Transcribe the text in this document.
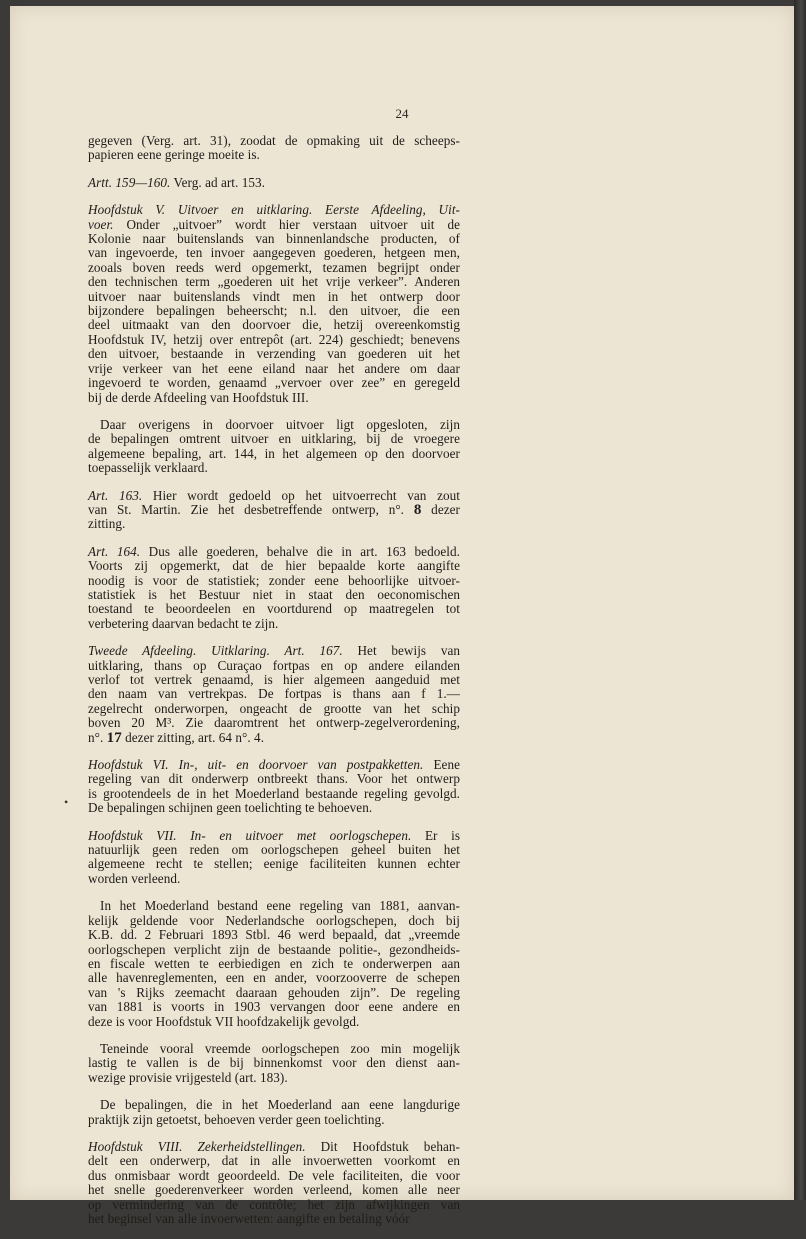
24
gegeven (Verg. art. 31), zoodat de opmaking uit de scheeps-
papieren eene geringe moeite is.
Artt. 159—160. Verg. ad art. 153.
Hoofdstuk V. Uitvoer en uitklaring. Eerste Afdeeling, Uit-
voer. Onder „uitvoer” wordt hier verstaan uitvoer uit de
Kolonie naar buitenslands van binnenlandsche producten, of
van ingevoerde, ten invoer aangegeven goederen, hetgeen men,
zooals boven reeds werd opgemerkt, tezamen begrijpt onder
den technischen term „goederen uit het vrije verkeer”. Anderen
uitvoer naar buitenslands vindt men in het ontwerp door
bijzondere bepalingen beheerscht; n.l. den uitvoer, die een
deel uitmaakt van den doorvoer die, hetzij overeenkomstig
Hoofdstuk IV, hetzij over entrepôt (art. 224) geschiedt; benevens
den uitvoer, bestaande in verzending van goederen uit het
vrije verkeer van het eene eiland naar het andere om daar
ingevoerd te worden, genaamd „vervoer over zee” en geregeld
bij de derde Afdeeling van Hoofdstuk III.
Daar overigens in doorvoer uitvoer ligt opgesloten, zijn
de bepalingen omtrent uitvoer en uitklaring, bij de vroegere
algemeene bepaling, art. 144, in het algemeen op den doorvoer
toepasselijk verklaard.
Art. 163. Hier wordt gedoeld op het uitvoerrecht van zout
van St. Martin. Zie het desbetreffende ontwerp, n°. 8 dezer
zitting.
Art. 164. Dus alle goederen, behalve die in art. 163 bedoeld.
Voorts zij opgemerkt, dat de hier bepaalde korte aangifte
noodig is voor de statistiek; zonder eene behoorlijke uitvoer-
statistiek is het Bestuur niet in staat den oeconomischen
toestand te beoordeelen en voortdurend op maatregelen tot
verbetering daarvan bedacht te zijn.
Tweede Afdeeling. Uitklaring. Art. 167. Het bewijs van
uitklaring, thans op Curaçao fortpas en op andere eilanden
verlof tot vertrek genaamd, is hier algemeen aangeduid met
den naam van vertrekpas. De fortpas is thans aan f 1.—
zegelrecht onderworpen, ongeacht de grootte van het schip
boven 20 M³. Zie daaromtrent het ontwerp-zegelverordening,
n°. 17 dezer zitting, art. 64 n°. 4.
Hoofdstuk VI. In-, uit- en doorvoer van postpakketten. Eene
regeling van dit onderwerp ontbreekt thans. Voor het ontwerp
is grootendeels de in het Moederland bestaande regeling gevolgd.
De bepalingen schijnen geen toelichting te behoeven.
Hoofdstuk VII. In- en uitvoer met oorlogschepen. Er is
natuurlijk geen reden om oorlogschepen geheel buiten het
algemeene recht te stellen; eenige faciliteiten kunnen echter
worden verleend.
In het Moederland bestand eene regeling van 1881, aanvan-
kelijk geldende voor Nederlandsche oorlogschepen, doch bij
K.B. dd. 2 Februari 1893 Stbl. 46 werd bepaald, dat „vreemde
oorlogschepen verplicht zijn de bestaande politie-, gezondheids-
en fiscale wetten te eerbiedigen en zich te onderwerpen aan
alle havenreglementen, een en ander, voorzooverre de schepen
van 's Rijks zeemacht daaraan gehouden zijn”. De regeling
van 1881 is voorts in 1903 vervangen door eene andere en
deze is voor Hoofdstuk VII hoofdzakelijk gevolgd.
Teneinde vooral vreemde oorlogschepen zoo min mogelijk
lastig te vallen is de bij binnenkomst voor den dienst aan-
wezige provisie vrijgesteld (art. 183).
De bepalingen, die in het Moederland aan eene langdurige
praktijk zijn getoetst, behoeven verder geen toelichting.
Hoofdstuk VIII. Zekerheidstellingen. Dit Hoofdstuk behan-
delt een onderwerp, dat in alle invoerwetten voorkomt en
dus onmisbaar wordt geoordeeld. De vele faciliteiten, die voor
het snelle goederenverkeer worden verleend, komen alle neer
op vermindering van de contrôle; het zijn afwijkingen van
het beginsel van alle invoerwetten: aangifte en betaling vóór
•
